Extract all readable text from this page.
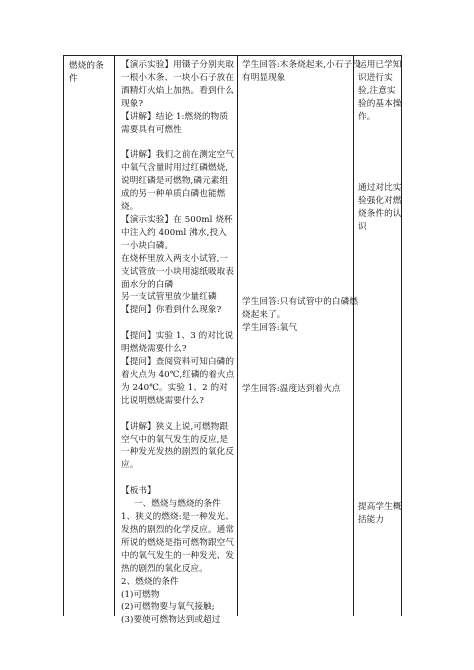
燃烧的条件

【演示实验】用镊子分别夹取一根小木条、一块小石子放在酒精灯火焰上加热。看到什么现象?

【讲解】结论 1:燃烧的物质需要具有可燃性

【讲解】我们之前在测定空气中氧气含量时用过红磷燃烧,说明红磷是可燃物,磷元素组成的另一种单质白磷也能燃烧。

【演示实验】在 500ml 烧杯中注入约 400ml 沸水,投入一小块白磷。

在烧杯里放入两支小试管,一支试管放一小块用滤纸吸取表面水分的白磷

另一支试管里放少量红磷

【提问】你看到什么现象?

【提问】实验 1、3 的对比说明燃烧需要什么?

【提问】查阅资料可知白磷的着火点为 40℃,红磷的着火点为 240℃。实验 1、2 的对比说明燃烧需要什么?

【讲解】狭义上说,可燃物跟空气中的氧气发生的反应,是一种发光发热的剧烈的氧化反应。

【板书】

一、燃烧与燃烧的条件

1、狭义的燃烧:是一种发光、发热的剧烈的化学反应。通常所说的燃烧是指可燃物跟空气中的氧气发生的一种发光、发热的剧烈的氧化反应。

2、燃烧的条件

(1)可燃物

(2)可燃物要与氧气接触;

(3)要使可燃物达到或超过

学生回答:木条烧起来,小石子没有明显现象

学生回答:只有试管中的白磷燃烧起来了。

学生回答:氧气

学生回答:温度达到着火点

运用已学知识进行实验,注意实验的基本操作。

通过对比实验强化对燃烧条件的认识

提高学生概括能力
